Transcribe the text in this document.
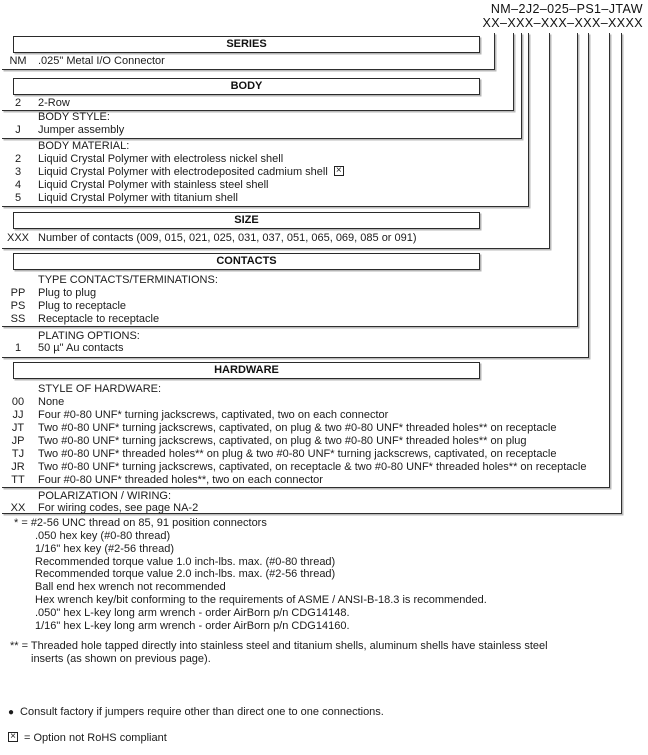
NM–2J2–025–PS1–JTAW
XX–XXX–XXX–XXX–XXXX
SERIES
NM	.025" Metal I/O Connector
BODY
2	2-Row
BODY STYLE:
J	Jumper assembly
BODY MATERIAL:
2	Liquid Crystal Polymer with electroless nickel shell
3	Liquid Crystal Polymer with electrodeposited cadmium shell×
4	Liquid Crystal Polymer with stainless steel shell
5	Liquid Crystal Polymer with titanium shell
SIZE
XXX Number of contacts (009, 015, 021, 025, 031, 037, 051, 065, 069, 085 or 091)
CONTACTS
TYPE CONTACTS/TERMINATIONS:
PP	Plug to plug
PS	Plug to receptacle
SS	Receptacle to receptacle
PLATING OPTIONS:
1	50 µ" Au contacts
HARDWARE
STYLE OF HARDWARE:
00	None
JJ	Four #0-80 UNF* turning jackscrews, captivated, two on each connector
JT	Two #0-80 UNF* turning jackscrews, captivated, on plug & two #0-80 UNF* threaded holes** on receptacle
JP	Two #0-80 UNF* turning jackscrews, captivated, on plug & two #0-80 UNF* threaded holes** on plug
TJ	Two #0-80 UNF* threaded holes** on plug & two #0-80 UNF* turning jackscrews, captivated, on receptacle
JR	Two #0-80 UNF* turning jackscrews, captivated, on receptacle & two #0-80 UNF* threaded holes** on receptacle
TT	Four #0-80 UNF* threaded holes**, two on each connector
POLARIZATION / WIRING:
XX	For wiring codes, see page NA-2
* = #2-56 UNC thread on 85, 91 position connectors
.050 hex key (#0-80 thread)
1/16" hex key (#2-56 thread)
Recommended torque value 1.0 inch-lbs. max. (#0-80 thread)
Recommended torque value 2.0 inch-lbs. max. (#2-56 thread)
Ball end hex wrench not recommended
Hex wrench key/bit conforming to the requirements of ASME / ANSI-B-18.3 is recommended.
.050" hex L-key long arm wrench - order AirBorn p/n CDG14148.
1/16" hex L-key long arm wrench - order AirBorn p/n CDG14160.
** = Threaded hole tapped directly into stainless steel and titanium shells, aluminum shells have stainless steel
inserts (as shown on previous page).
● Consult factory if jumpers require other than direct one to one connections.
×= Option not RoHS compliant
